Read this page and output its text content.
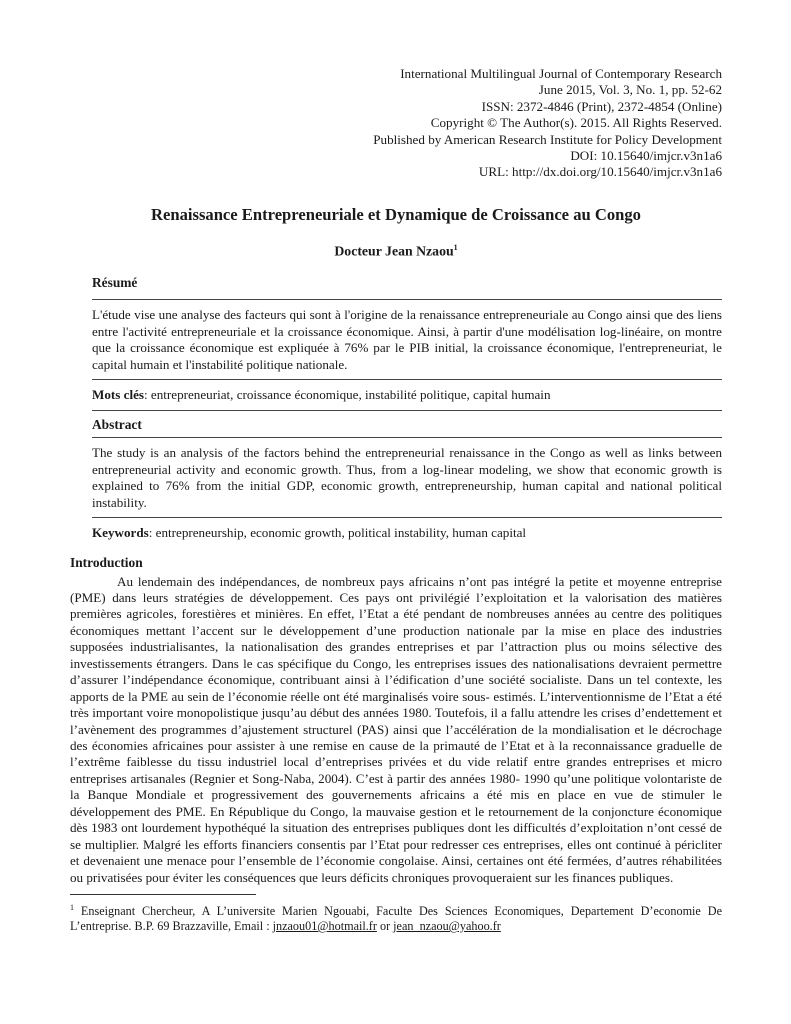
International Multilingual Journal of Contemporary Research
June 2015, Vol. 3, No. 1, pp. 52-62
ISSN: 2372-4846 (Print), 2372-4854 (Online)
Copyright © The Author(s). 2015. All Rights Reserved.
Published by American Research Institute for Policy Development
DOI: 10.15640/imjcr.v3n1a6
URL: http://dx.doi.org/10.15640/imjcr.v3n1a6
Renaissance Entrepreneuriale et Dynamique de Croissance au Congo
Docteur Jean Nzaou$^1$
Résumé
L'étude vise une analyse des facteurs qui sont à l'origine de la renaissance entrepreneuriale au Congo ainsi que des liens entre l'activité entrepreneuriale et la croissance économique. Ainsi, à partir d'une modélisation log-linéaire, on montre que la croissance économique est expliquée à 76% par le PIB initial, la croissance économique, l'entrepreneuriat, le capital humain et l'instabilité politique nationale.
Mots clés: entrepreneuriat, croissance économique, instabilité politique, capital humain
Abstract
The study is an analysis of the factors behind the entrepreneurial renaissance in the Congo as well as links between entrepreneurial activity and economic growth. Thus, from a log-linear modeling, we show that economic growth is explained to 76% from the initial GDP, economic growth, entrepreneurship, human capital and national political instability.
Keywords: entrepreneurship, economic growth, political instability, human capital
Introduction
Au lendemain des indépendances, de nombreux pays africains n’ont pas intégré la petite et moyenne entreprise (PME) dans leurs stratégies de développement. Ces pays ont privilégié l’exploitation et la valorisation des matières premières agricoles, forestières et minières. En effet, l’Etat a été pendant de nombreuses années au centre des politiques économiques mettant l’accent sur le développement d’une production nationale par la mise en place des industries supposées industrialisantes, la nationalisation des grandes entreprises et par l’attraction plus ou moins sélective des investissements étrangers. Dans le cas spécifique du Congo, les entreprises issues des nationalisations devraient permettre d’assurer l’indépendance économique, contribuant ainsi à l’édification d’une société socialiste. Dans un tel contexte, les apports de la PME au sein de l’économie réelle ont été marginalisés voire sous- estimés. L’interventionnisme de l’Etat a été très important voire monopolistique jusqu’au début des années 1980. Toutefois, il a fallu attendre les crises d’endettement et l’avènement des programmes d’ajustement structurel (PAS) ainsi que l’accélération de la mondialisation et le décrochage des économies africaines pour assister à une remise en cause de la primauté de l’Etat et à la reconnaissance graduelle de l’extrême faiblesse du tissu industriel local d’entreprises privées et du vide relatif entre grandes entreprises et micro entreprises artisanales (Regnier et Song-Naba, 2004). C’est à partir des années 1980- 1990 qu’une politique volontariste de la Banque Mondiale et progressivement des gouvernements africains a été mis en place en vue de stimuler le développement des PME. En République du Congo, la mauvaise gestion et le retournement de la conjoncture économique dès 1983 ont lourdement hypothéqué la situation des entreprises publiques dont les difficultés d’exploitation n’ont cessé de se multiplier. Malgré les efforts financiers consentis par l’Etat pour redresser ces entreprises, elles ont continué à péricliter et devenaient une menace pour l’ensemble de l’économie congolaise. Ainsi, certaines ont été fermées, d’autres réhabilitées ou privatisées pour éviter les conséquences que leurs déficits chroniques provoqueraient sur les finances publiques.
$^1$ Enseignant Chercheur, A L’universite Marien Ngouabi, Faculte Des Sciences Economiques, Departement D’economie De L’entreprise. B.P. 69 Brazzaville, Email : jnzaou01@hotmail.fr or jean_nzaou@yahoo.fr
